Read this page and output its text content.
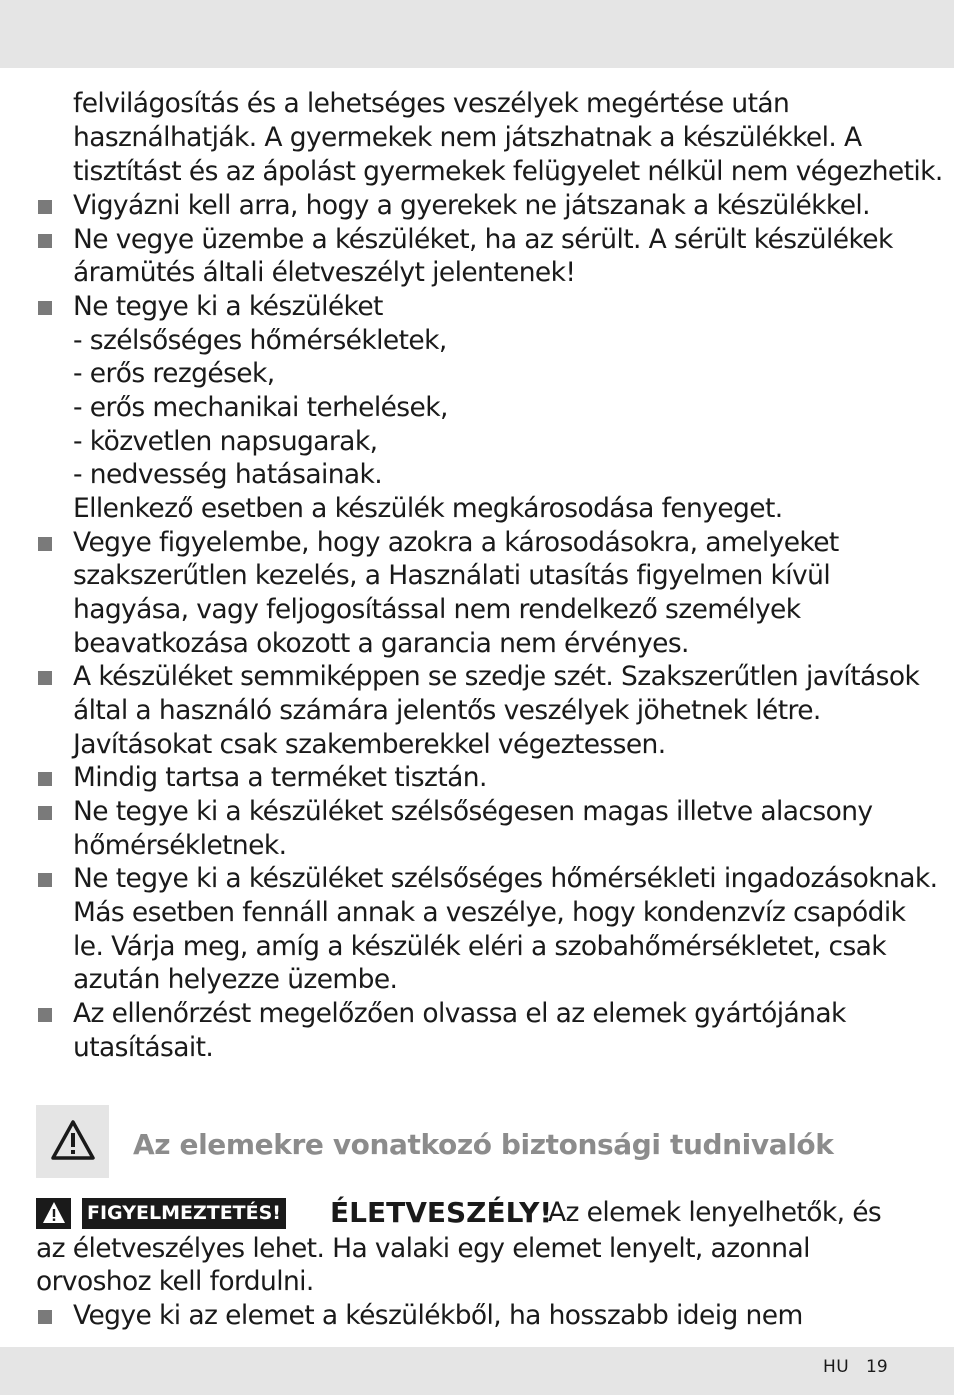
felvilágosítás és a lehetséges veszélyek megértése után
használhatják. A gyermekek nem játszhatnak a készülékkel. A
tisztítást és az ápolást gyermekek felügyelet nélkül nem végezhetik.
Vigyázni kell arra, hogy a gyerekek ne játszanak a készülékkel.
Ne vegye üzembe a készüléket, ha az sérült. A sérült készülékek
áramütés általi életveszélyt jelentenek!
Ne tegye ki a készüléket
- szélsőséges hőmérsékletek,
- erős rezgések,
- erős mechanikai terhelések,
- közvetlen napsugarak,
- nedvesség hatásainak.
Ellenkező esetben a készülék megkárosodása fenyeget.
Vegye figyelembe, hogy azokra a károsodásokra, amelyeket
szakszerűtlen kezelés, a Használati utasítás figyelmen kívül
hagyása, vagy feljogosítással nem rendelkező személyek
beavatkozása okozott a garancia nem érvényes.
A készüléket semmiképpen se szedje szét. Szakszerűtlen javítások
által a használó számára jelentős veszélyek jöhetnek létre.
Javításokat csak szakemberekkel végeztessen.
Mindig tartsa a terméket tisztán.
Ne tegye ki a készüléket szélsőségesen magas illetve alacsony
hőmérsékletnek.
Ne tegye ki a készüléket szélsőséges hőmérsékleti ingadozásoknak.
Más esetben fennáll annak a veszélye, hogy kondenzvíz csapódik
le. Várja meg, amíg a készülék eléri a szobahőmérsékletet, csak
azután helyezze üzembe.
Az ellenőrzést megelőzően olvassa el az elemek gyártójának
utasításait.
Az elemekre vonatkozó biztonsági tudnivalók
FIGYELMEZTETÉS! ÉLETVESZÉLY!
Az elemek lenyelhetők, és
az életveszélyes lehet. Ha valaki egy elemet lenyelt, azonnal
orvoshoz kell fordulni.
Vegye ki az elemet a készülékből, ha hosszabb ideig nem
HU 19
